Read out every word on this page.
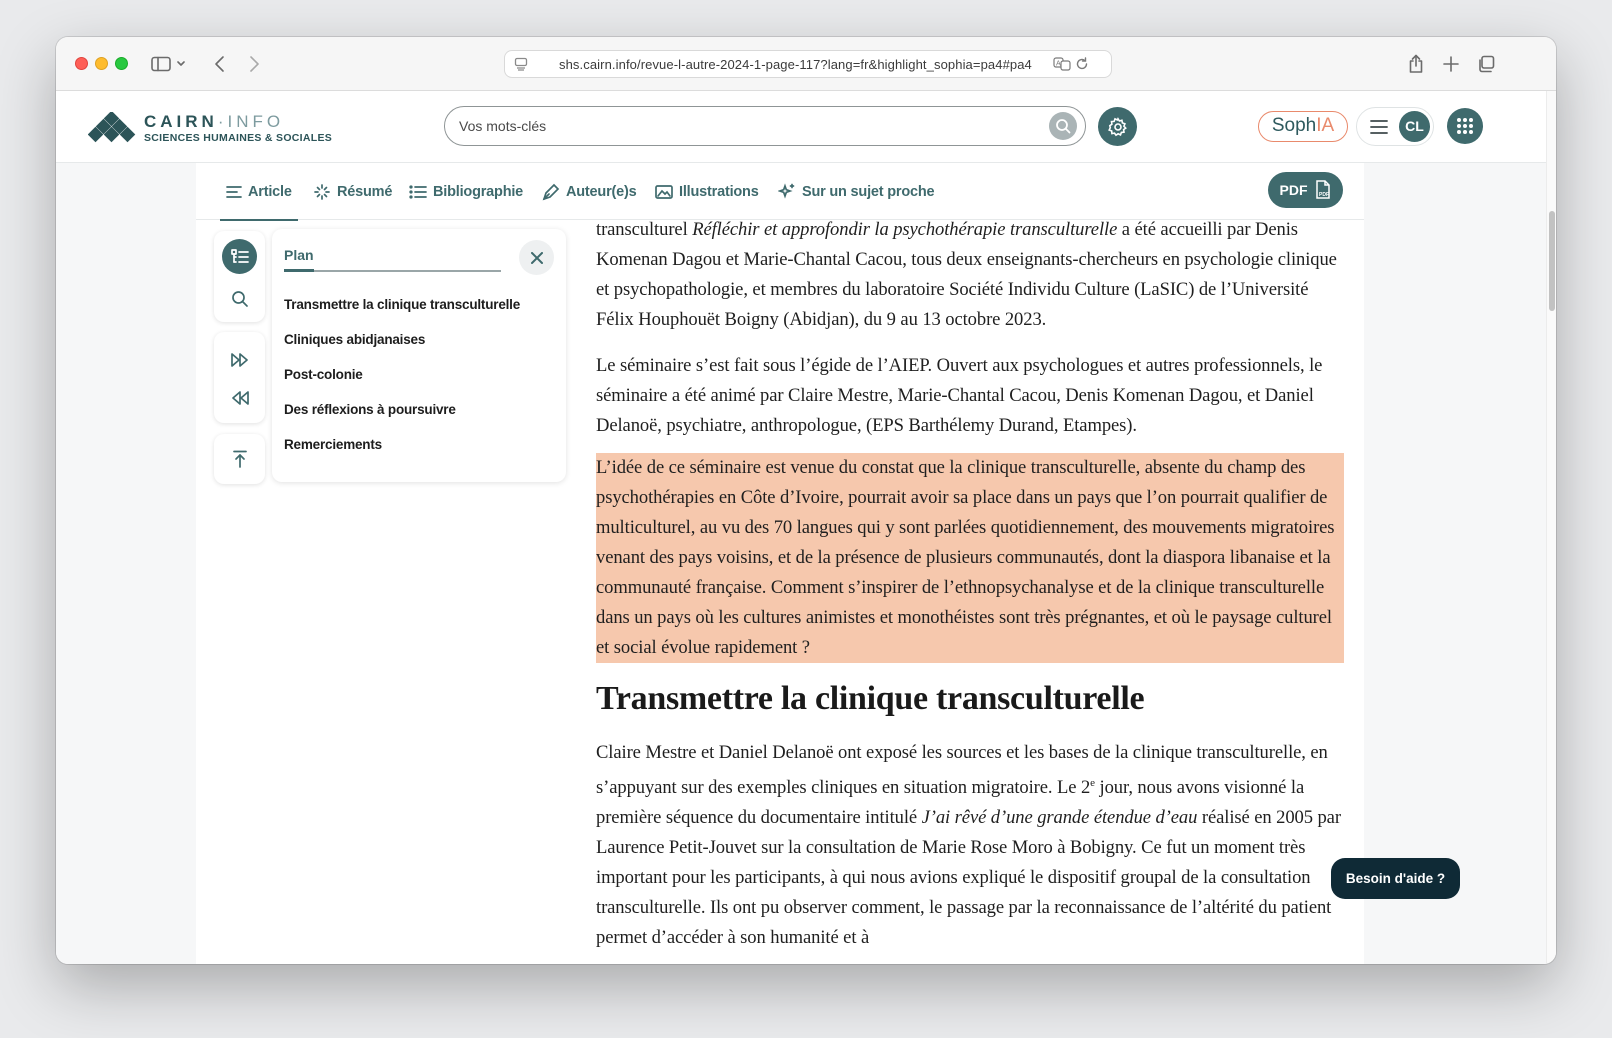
shs.cairn.info/revue-l-autre-2024-1-page-117?lang=fr&highlight_sophia=pa4#pa4	A
CAIRN·INFO
SCIENCES HUMAINES & SOCIALES
Vos mots-clés
SophIA	CL
Article	Résumé	Bibliographie	Auteur(e)s	Illustrations	Sur un sujet proche	PDF PDF
Plan
Transmettre la clinique transculturelle
Cliniques abidjanaises
Post-colonie
Des réflexions à poursuivre
Remerciements

transculturel Réfléchir et approfondir la psychothérapie transculturelle a été accueilli par Denis Komenan Dagou et Marie-Chantal Cacou, tous deux enseignants-chercheurs en psychologie clinique et psychopathologie, et membres du laboratoire Société Individu Culture (LaSIC) de l’Université Félix Houphouët Boigny (Abidjan), du 9 au 13 octobre 2023.

Le séminaire s’est fait sous l’égide de l’AIEP. Ouvert aux psychologues et autres professionnels, le séminaire a été animé par Claire Mestre, Marie-Chantal Cacou, Denis Komenan Dagou, et Daniel Delanoë, psychiatre, anthropologue, (EPS Barthélemy Durand, Etampes).

L’idée de ce séminaire est venue du constat que la clinique transculturelle, absente du champ des psychothérapies en Côte d’Ivoire, pourrait avoir sa place dans un pays que l’on pourrait qualifier de multiculturel, au vu des 70 langues qui y sont parlées quotidiennement, des mouvements migratoires venant des pays voisins, et de la présence de plusieurs communautés, dont la diaspora libanaise et la communauté française. Comment s’inspirer de l’ethnopsychanalyse et de la clinique transculturelle dans un pays où les cultures animistes et monothéistes sont très prégnantes, et où le paysage culturel et social évolue rapidement ?

Transmettre la clinique transculturelle

Claire Mestre et Daniel Delanoë ont exposé les sources et les bases de la clinique transculturelle, en s’appuyant sur des exemples cliniques en situation migratoire. Le 2e jour, nous avons visionné la première séquence du documentaire intitulé J’ai rêvé d’une grande étendue d’eau réalisé en 2005 par Laurence Petit-Jouvet sur la consultation de Marie Rose Moro à Bobigny. Ce fut un moment très important pour les participants, à qui nous avions expliqué le dispositif groupal de la consultation transculturelle. Ils ont pu observer comment, le passage par la reconnaissance de l’altérité du patient permet d’accéder à son humanité et à

Besoin d'aide ?
